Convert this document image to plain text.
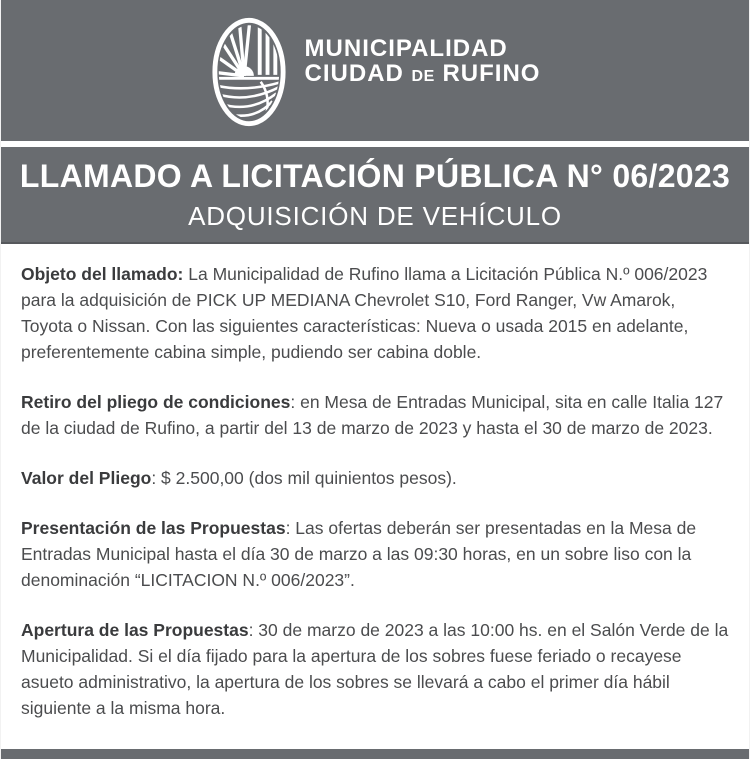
MUNICIPALIDAD
CIUDAD DE RUFINO
LLAMADO A LICITACIÓN PÚBLICA N° 06/2023
ADQUISICIÓN DE VEHÍCULO

Objeto del llamado: La Municipalidad de Rufino llama a Licitación Pública N.º 006/2023 para la adquisición de PICK UP MEDIANA Chevrolet S10, Ford Ranger, Vw Amarok, Toyota o Nissan. Con las siguientes características: Nueva o usada 2015 en adelante, preferentemente cabina simple, pudiendo ser cabina doble.

Retiro del pliego de condiciones: en Mesa de Entradas Municipal, sita en calle Italia 127 de la ciudad de Rufino, a partir del 13 de marzo de 2023 y hasta el 30 de marzo de 2023.

Valor del Pliego: $ 2.500,00 (dos mil quinientos pesos).

Presentación de las Propuestas: Las ofertas deberán ser presentadas en la Mesa de Entradas Municipal hasta el día 30 de marzo a las 09:30 horas, en un sobre liso con la denominación “LICITACION N.º 006/2023”.

Apertura de las Propuestas: 30 de marzo de 2023 a las 10:00 hs. en el Salón Verde de la Municipalidad. Si el día fijado para la apertura de los sobres fuese feriado o recayese asueto administrativo, la apertura de los sobres se llevará a cabo el primer día hábil siguiente a la misma hora.
